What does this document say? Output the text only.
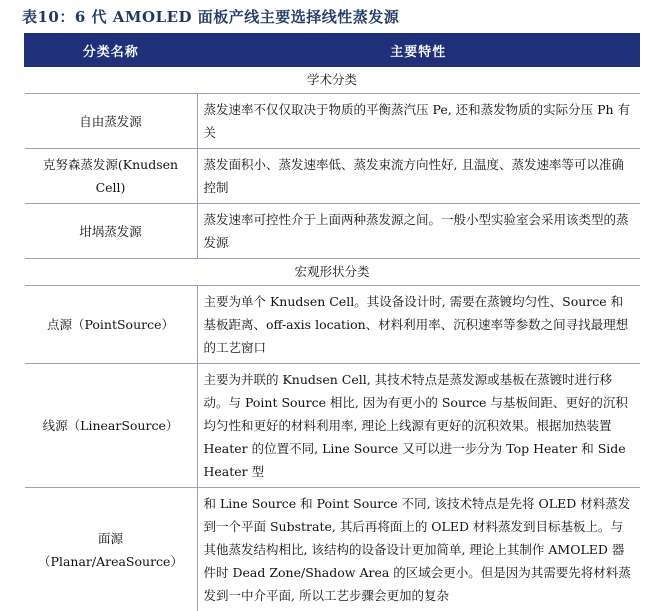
表10：6 代 AMOLED 面板产线主要选择线性蒸发源
分类名称	主要特性
学术分类	
自由蒸发源	蒸发速率不仅仅取决于物质的平衡蒸汽压 Pe, 还和蒸发物质的实际分压 Ph 有关
克努森蒸发源(Knudsen Cell)	蒸发面积小、蒸发速率低、蒸发束流方向性好, 且温度、蒸发速率等可以准确控制
坩埚蒸发源	蒸发速率可控性介于上面两种蒸发源之间。一般小型实验室会采用该类型的蒸发源
宏观形状分类	
点源（PointSource）	主要为单个 Knudsen Cell。其设备设计时, 需要在蒸镀均匀性、Source 和基板距离、off-axis location、材料利用率、沉积速率等参数之间寻找最理想的工艺窗口
线源（LinearSource）	主要为并联的 Knudsen Cell, 其技术特点是蒸发源或基板在蒸镀时进行移动。与 Point Source 相比, 因为有更小的 Source 与基板间距、更好的沉积均匀性和更好的材料利用率, 理论上线源有更好的沉积效果。根据加热装置 Heater 的位置不同, Line Source 又可以进一步分为 Top Heater 和 Side Heater 型
面源（Planar/AreaSource）	和 Line Source 和 Point Source 不同, 该技术特点是先将 OLED 材料蒸发到一个平面 Substrate, 其后再将面上的 OLED 材料蒸发到目标基板上。与其他蒸发结构相比, 该结构的设备设计更加简单, 理论上其制作 AMOLED 器件时 Dead Zone/Shadow Area 的区域会更小。但是因为其需要先将材料蒸发到一中介平面, 所以工艺步骤会更加的复杂
